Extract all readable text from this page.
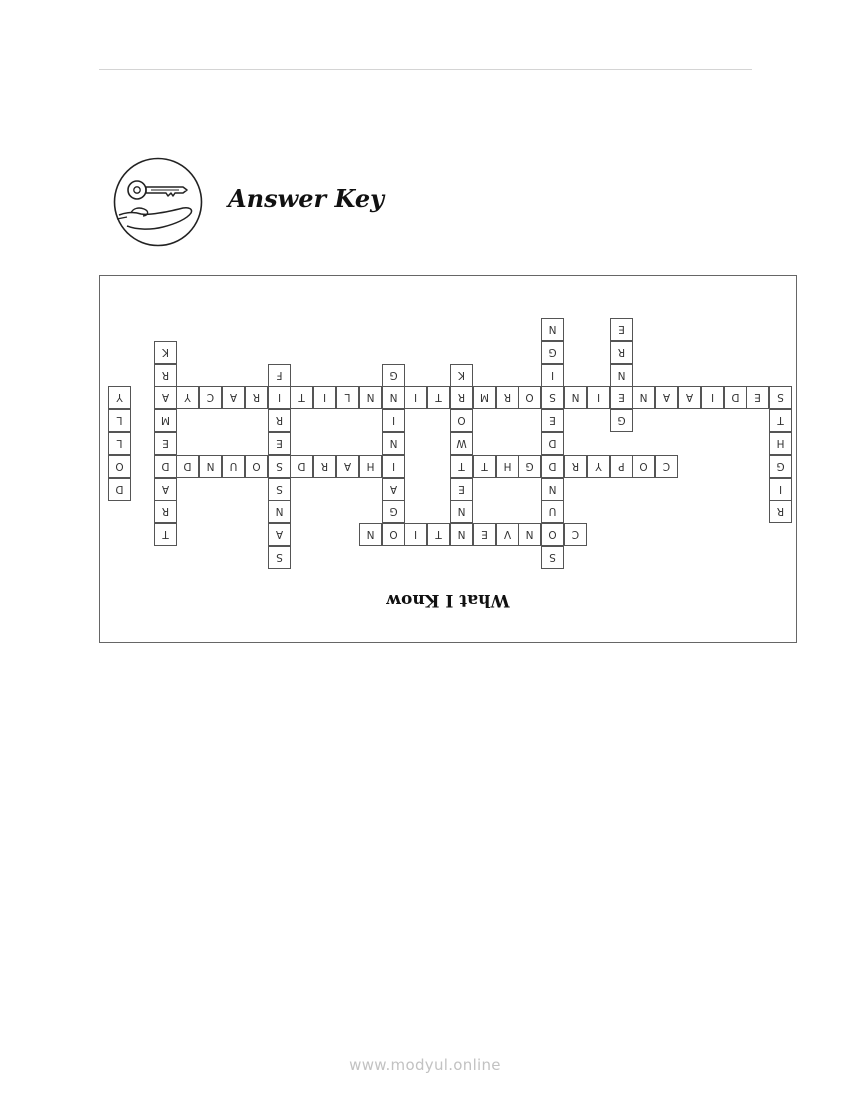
Answer Key
S
E
D
I
A
A
N
E
I
N
S
O
R
M
R
T
I
N
N
L
I
T
I
R
A
C
Y
C
O
P
Y
R
D
G
H
T
H
A
R
D
S
O
U
N
D
C
O
N
V
E
N
T
I
O
N
G
N
R
E
S
U
N
D
E
I
G
N
N
E
T
W
O
K
G
A
I
N
I
G
R
I
G
H
T
T
R
A
D
E
M
A
R
K
S
A
N
S
E
R
F
D
O
L
L
Y
What I Know
www.modyul.online
